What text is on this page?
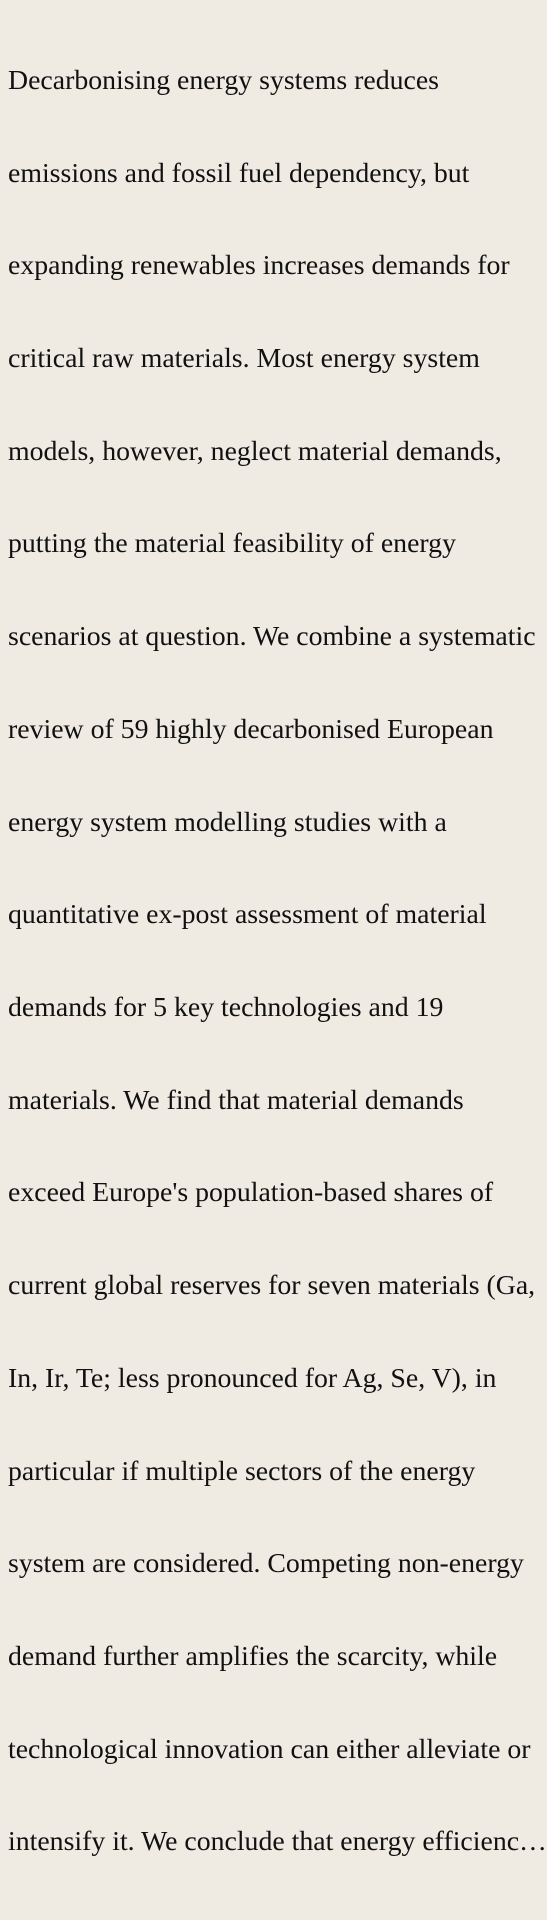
Decarbonising energy systems reduces

emissions and fossil fuel dependency, but

expanding renewables increases demands for

critical raw materials. Most energy system

models, however, neglect material demands,

putting the material feasibility of energy

scenarios at question. We combine a systematic

review of 59 highly decarbonised European

energy system modelling studies with a

quantitative ex-post assessment of material

demands for 5 key technologies and 19

materials. We find that material demands

exceed Europe's population-based shares of

current global reserves for seven materials (Ga,

In, Ir, Te; less pronounced for Ag, Se, V), in

particular if multiple sectors of the energy

system are considered. Competing non-energy

demand further amplifies the scarcity, while

technological innovation can either alleviate or

intensify it. We conclude that energy efficienc…
